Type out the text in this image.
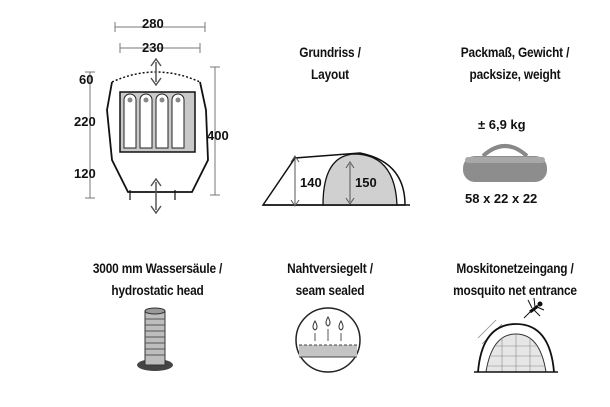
280
230
60
220
120
400
Grundriss /
Layout
140	150
Packmaß, Gewicht /
packsize, weight
± 6,9 kg
58 x 22 x 22
3000 mm Wassersäule /
hydrostatic head
Nahtversiegelt /
seam sealed
Moskitonetzeingang /
mosquito net entrance
